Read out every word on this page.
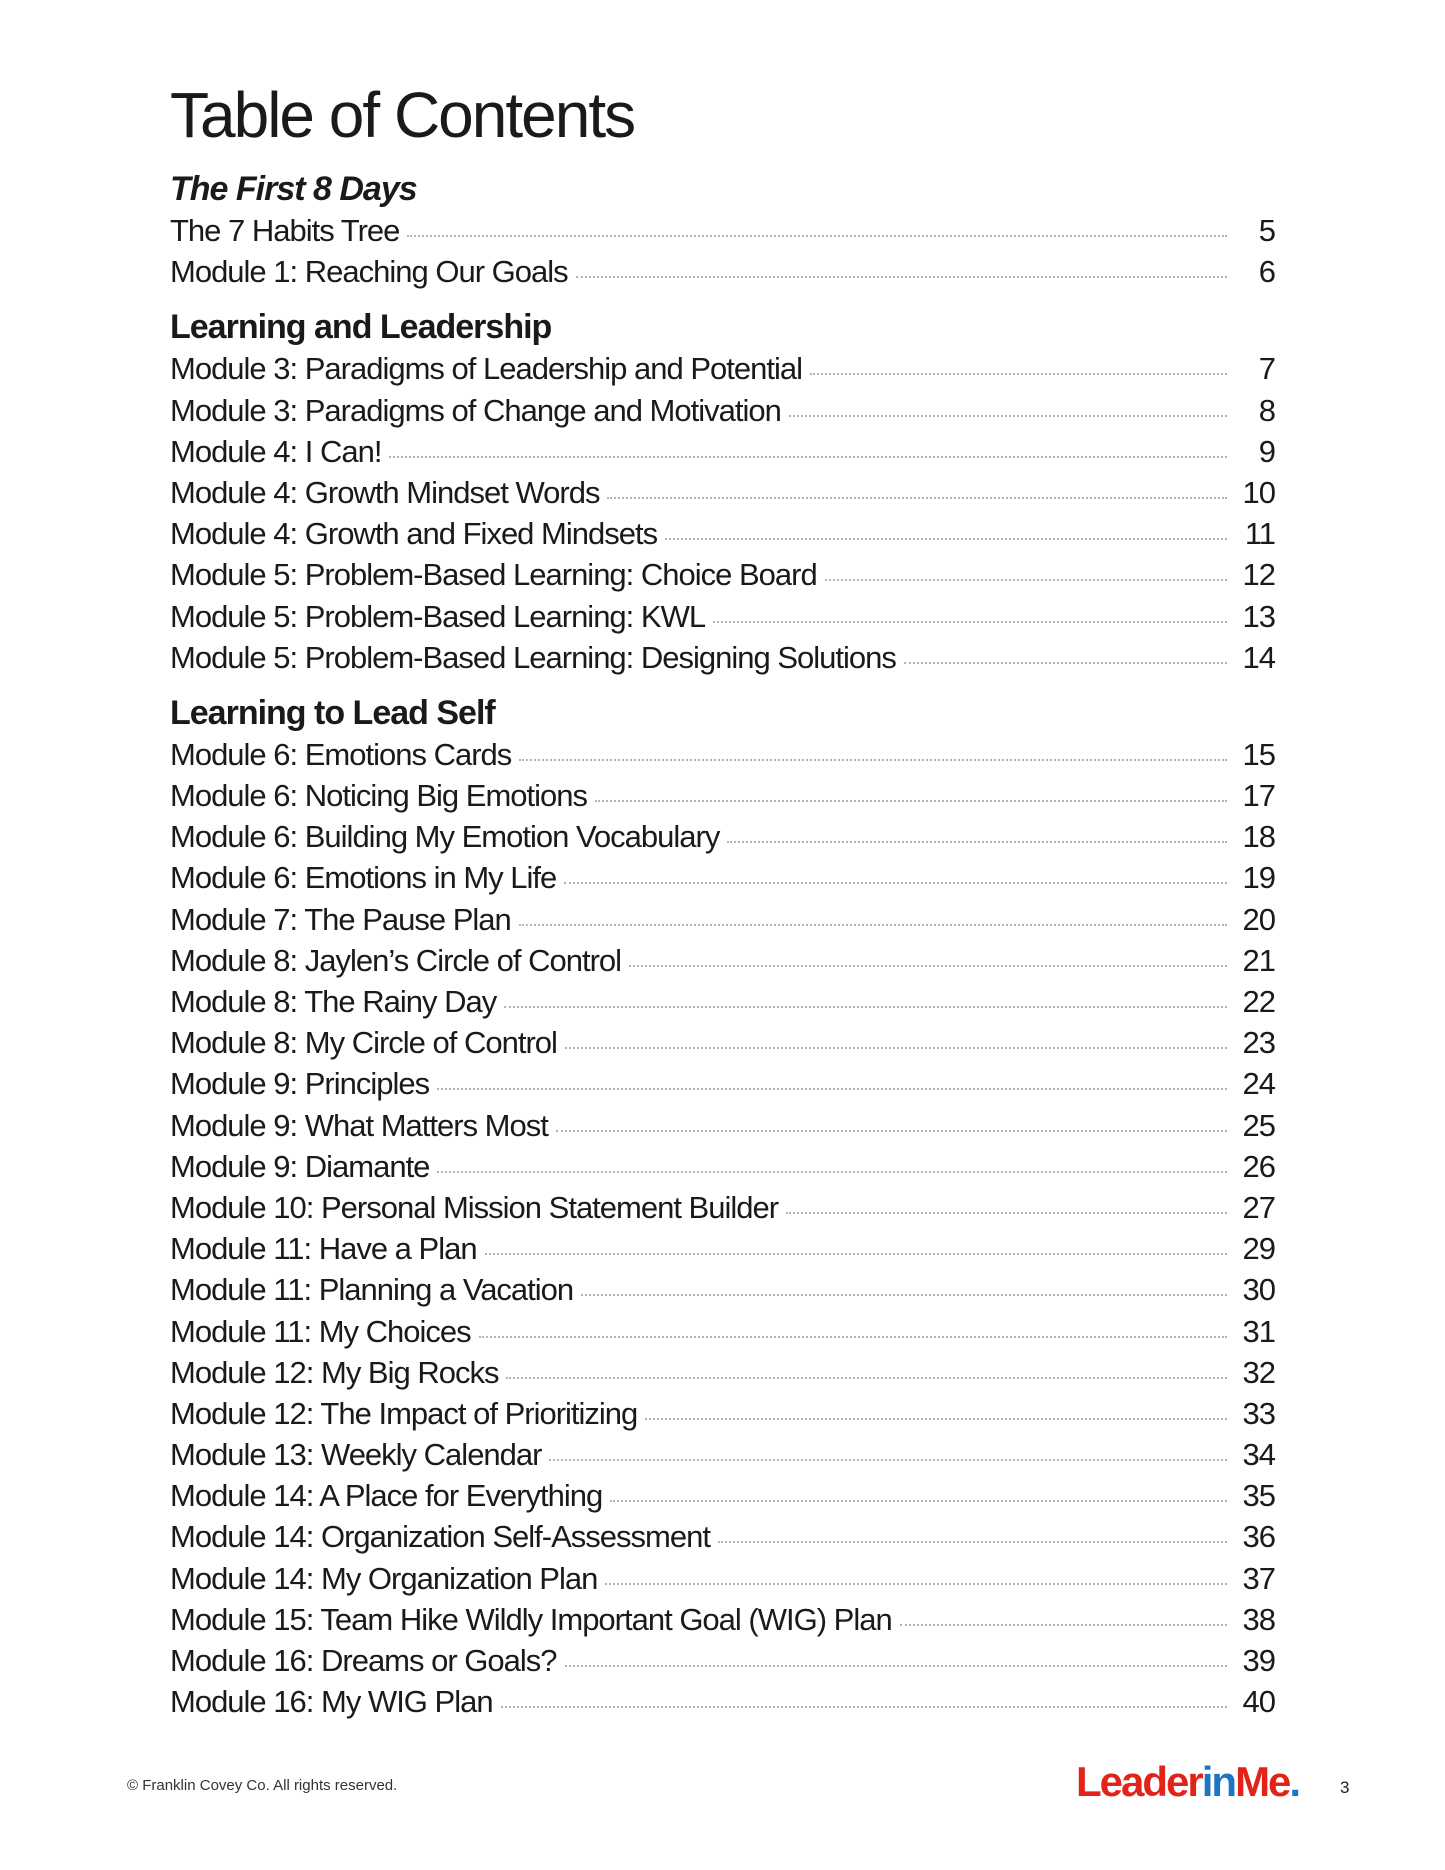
Table of Contents
The First 8 Days
The 7 Habits Tree	5
Module 1: Reaching Our Goals	6
Learning and Leadership
Module 3: Paradigms of Leadership and Potential	7
Module 3: Paradigms of Change and Motivation	8
Module 4: I Can!	9
Module 4: Growth Mindset Words	10
Module 4: Growth and Fixed Mindsets	11
Module 5: Problem-Based Learning: Choice Board	12
Module 5: Problem-Based Learning: KWL	13
Module 5: Problem-Based Learning: Designing Solutions	14
Learning to Lead Self
Module 6: Emotions Cards	15
Module 6: Noticing Big Emotions	17
Module 6: Building My Emotion Vocabulary	18
Module 6: Emotions in My Life	19
Module 7: The Pause Plan	20
Module 8: Jaylen’s Circle of Control	21
Module 8: The Rainy Day	22
Module 8: My Circle of Control	23
Module 9: Principles	24
Module 9: What Matters Most	25
Module 9: Diamante	26
Module 10: Personal Mission Statement Builder	27
Module 11: Have a Plan	29
Module 11: Planning a Vacation	30
Module 11: My Choices	31
Module 12: My Big Rocks	32
Module 12: The Impact of Prioritizing	33
Module 13: Weekly Calendar	34
Module 14: A Place for Everything	35
Module 14: Organization Self-Assessment	36
Module 14: My Organization Plan	37
Module 15: Team Hike Wildly Important Goal (WIG) Plan	38
Module 16: Dreams or Goals?	39
Module 16: My WIG Plan	40
© Franklin Covey Co. All rights reserved.	LeaderinMe. 3
